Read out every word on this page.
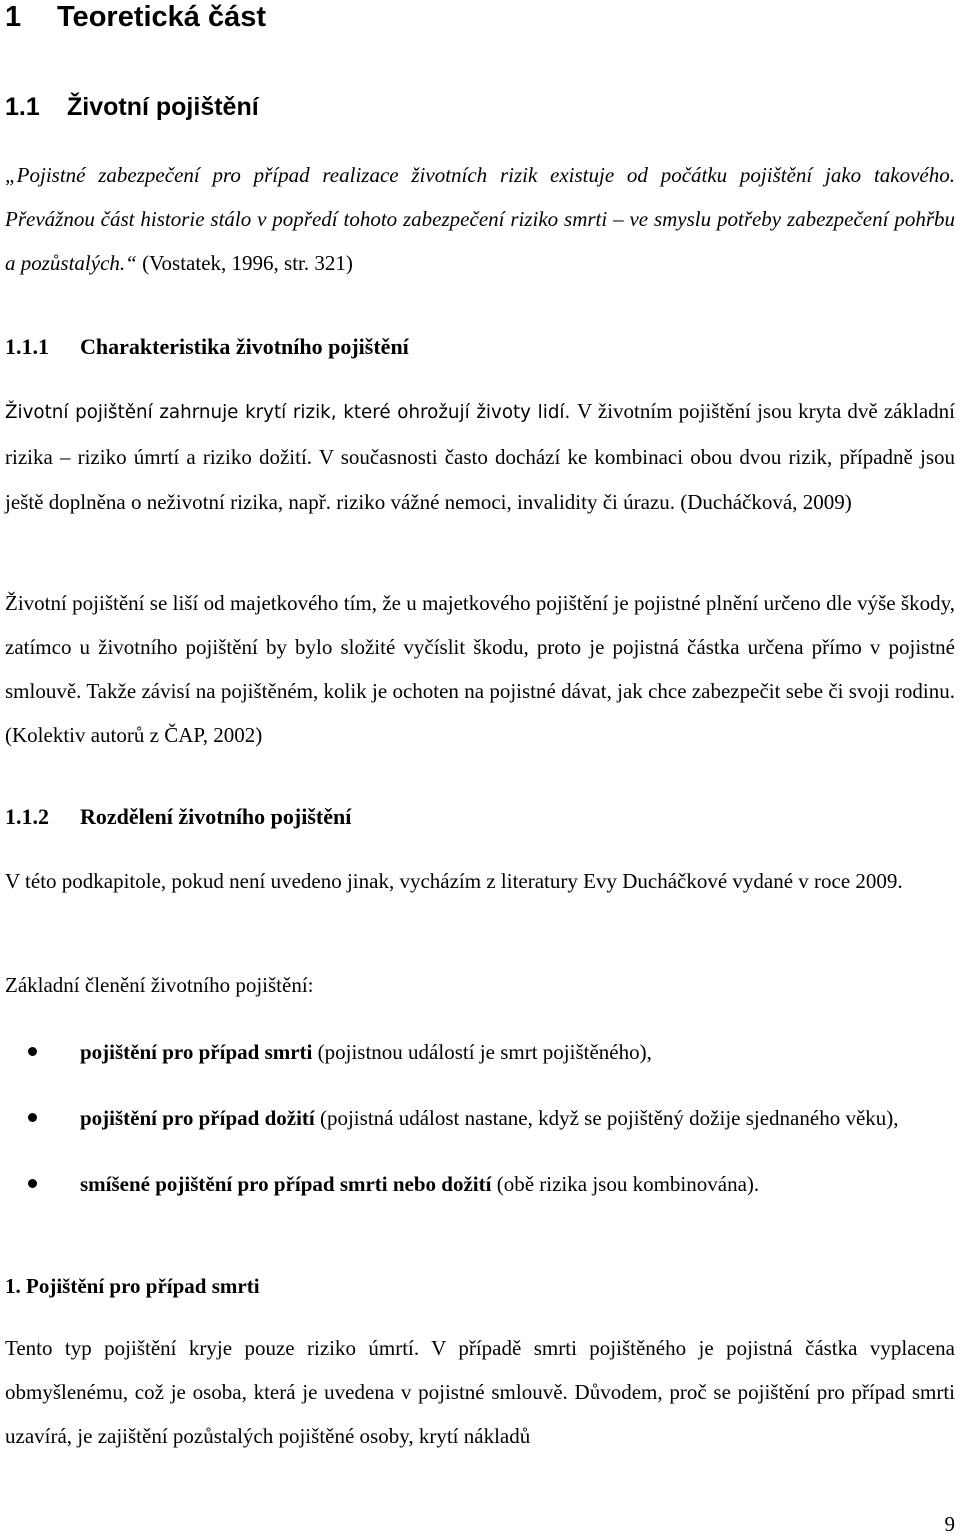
1 Teoretická část
1.1 Životní pojištění

„Pojistné zabezpečení pro případ realizace životních rizik existuje od počátku pojištění jako takového. Převážnou část historie stálo v popředí tohoto zabezpečení riziko smrti – ve smyslu potřeby zabezpečení pohřbu a pozůstalých.“ (Vostatek, 1996, str. 321)

1.1.1 Charakteristika životního pojištění

Životní pojištění zahrnuje krytí rizik, které ohrožují životy lidí. V životním pojištění jsou kryta dvě základní rizika – riziko úmrtí a riziko dožití. V současnosti často dochází ke kombinaci obou dvou rizik, případně jsou ještě doplněna o neživotní rizika, např. riziko vážné nemoci, invalidity či úrazu. (Ducháčková, 2009)

Životní pojištění se liší od majetkového tím, že u majetkového pojištění je pojistné plnění určeno dle výše škody, zatímco u životního pojištění by bylo složité vyčíslit škodu, proto je pojistná částka určena přímo v pojistné smlouvě. Takže závisí na pojištěném, kolik je ochoten na pojistné dávat, jak chce zabezpečit sebe či svoji rodinu. (Kolektiv autorů z ČAP, 2002)

1.1.2 Rozdělení životního pojištění

V této podkapitole, pokud není uvedeno jinak, vycházím z literatury Evy Ducháčkové vydané v roce 2009.

Základní členění životního pojištění:

pojištění pro případ smrti (pojistnou událostí je smrt pojištěného),
pojištění pro případ dožití (pojistná událost nastane, když se pojištěný dožije sjednaného věku),
smíšené pojištění pro případ smrti nebo dožití (obě rizika jsou kombinována).
1. Pojištění pro případ smrti

Tento typ pojištění kryje pouze riziko úmrtí. V případě smrti pojištěného je pojistná částka vyplacena obmyšlenému, což je osoba, která je uvedena v pojistné smlouvě. Důvodem, proč se pojištění pro případ smrti uzavírá, je zajištění pozůstalých pojištěné osoby, krytí nákladů

9
